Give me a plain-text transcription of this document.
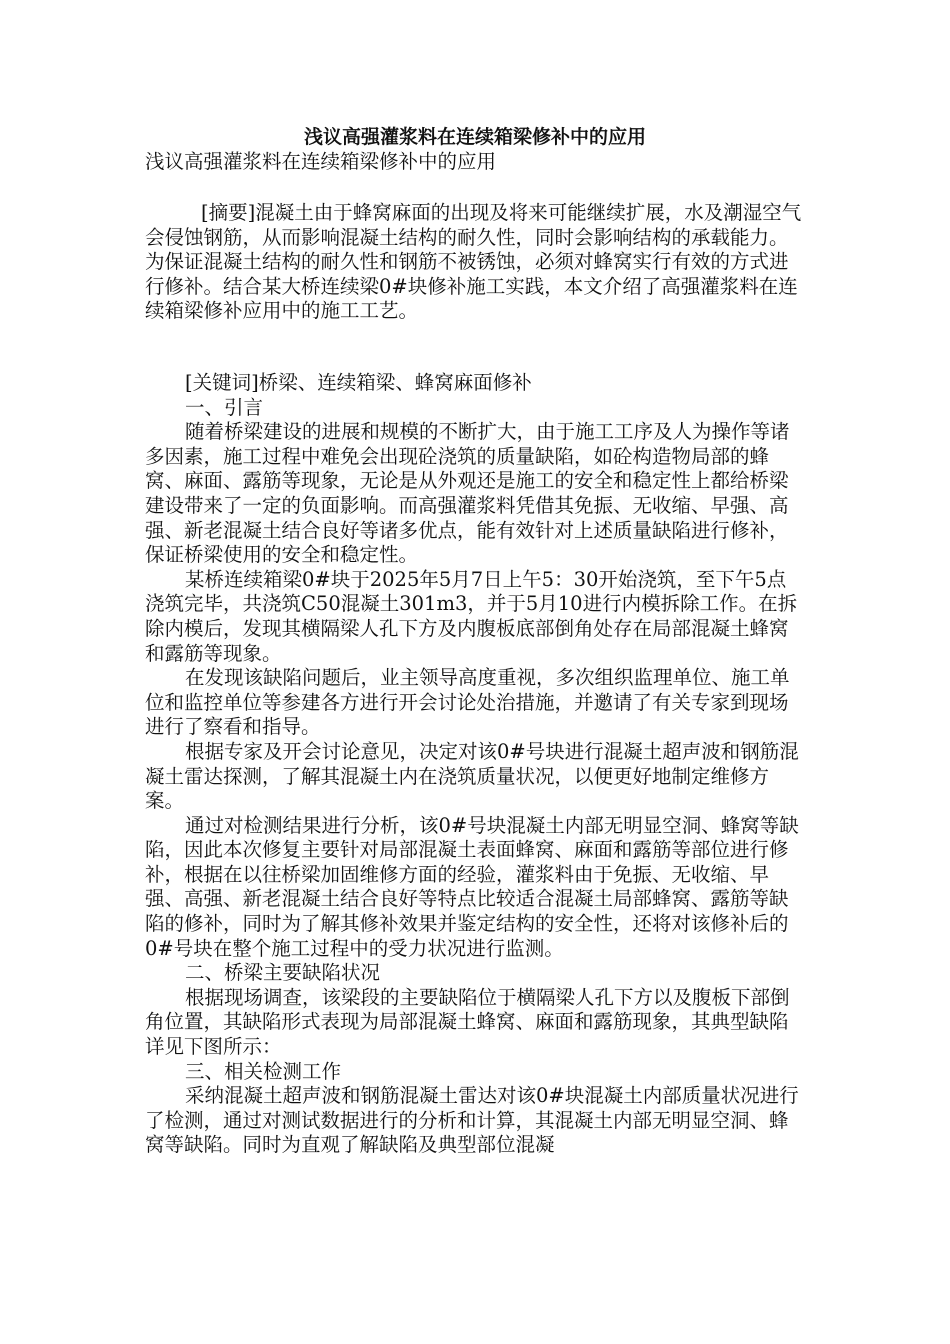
浅议高强灌浆料在连续箱梁修补中的应用

浅议高强灌浆料在连续箱梁修补中的应用

[摘要]混凝土由于蜂窝麻面的出现及将来可能继续扩展，水及潮湿空气会侵蚀钢筋，从而影响混凝土结构的耐久性，同时会影响结构的承载能力。为保证混凝土结构的耐久性和钢筋不被锈蚀，必须对蜂窝实行有效的方式进行修补。结合某大桥连续梁0#块修补施工实践，本文介绍了高强灌浆料在连续箱梁修补应用中的施工工艺。

[关键词]桥梁、连续箱梁、蜂窝麻面修补

一、引言

随着桥梁建设的进展和规模的不断扩大，由于施工工序及人为操作等诸多因素，施工过程中难免会出现砼浇筑的质量缺陷，如砼构造物局部的蜂窝、麻面、露筋等现象，无论是从外观还是施工的安全和稳定性上都给桥梁建设带来了一定的负面影响。而高强灌浆料凭借其免振、无收缩、早强、高强、新老混凝土结合良好等诸多优点，能有效针对上述质量缺陷进行修补，保证桥梁使用的安全和稳定性。

某桥连续箱梁0#块于2025年5月7日上午5：30开始浇筑，至下午5点浇筑完毕，共浇筑C50混凝土301m3，并于5月10进行内模拆除工作。在拆除内模后，发现其横隔梁人孔下方及内腹板底部倒角处存在局部混凝土蜂窝和露筋等现象。

在发现该缺陷问题后，业主领导高度重视，多次组织监理单位、施工单位和监控单位等参建各方进行开会讨论处治措施，并邀请了有关专家到现场进行了察看和指导。

根据专家及开会讨论意见，决定对该0#号块进行混凝土超声波和钢筋混凝土雷达探测，了解其混凝土内在浇筑质量状况，以便更好地制定维修方案。

通过对检测结果进行分析，该0#号块混凝土内部无明显空洞、蜂窝等缺陷，因此本次修复主要针对局部混凝土表面蜂窝、麻面和露筋等部位进行修补，根据在以往桥梁加固维修方面的经验，灌浆料由于免振、无收缩、早强、高强、新老混凝土结合良好等特点比较适合混凝土局部蜂窝、露筋等缺陷的修补，同时为了解其修补效果并鉴定结构的安全性，还将对该修补后的0#号块在整个施工过程中的受力状况进行监测。

二、桥梁主要缺陷状况

根据现场调查，该梁段的主要缺陷位于横隔梁人孔下方以及腹板下部倒角位置，其缺陷形式表现为局部混凝土蜂窝、麻面和露筋现象，其典型缺陷详见下图所示：

三、相关检测工作

采纳混凝土超声波和钢筋混凝土雷达对该0#块混凝土内部质量状况进行了检测，通过对测试数据进行的分析和计算，其混凝土内部无明显空洞、蜂窝等缺陷。同时为直观了解缺陷及典型部位混凝
